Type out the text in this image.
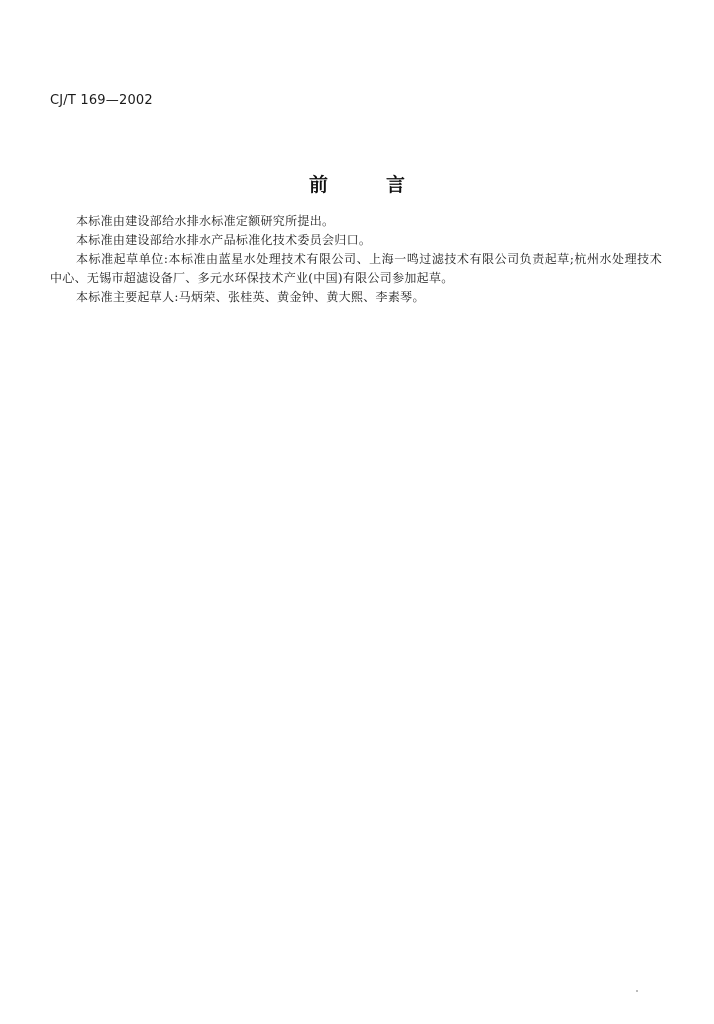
CJ/T 169—2002
前言

本标准由建设部给水排水标准定额研究所提出。

本标准由建设部给水排水产品标准化技术委员会归口。

本标准起草单位:本标准由蓝星水处理技术有限公司、上海一鸣过滤技术有限公司负责起草;杭州水处理技术中心、无锡市超滤设备厂、多元水环保技术产业(中国)有限公司参加起草。

本标准主要起草人:马炳荣、张桂英、黄金钟、黄大熙、李素琴。
